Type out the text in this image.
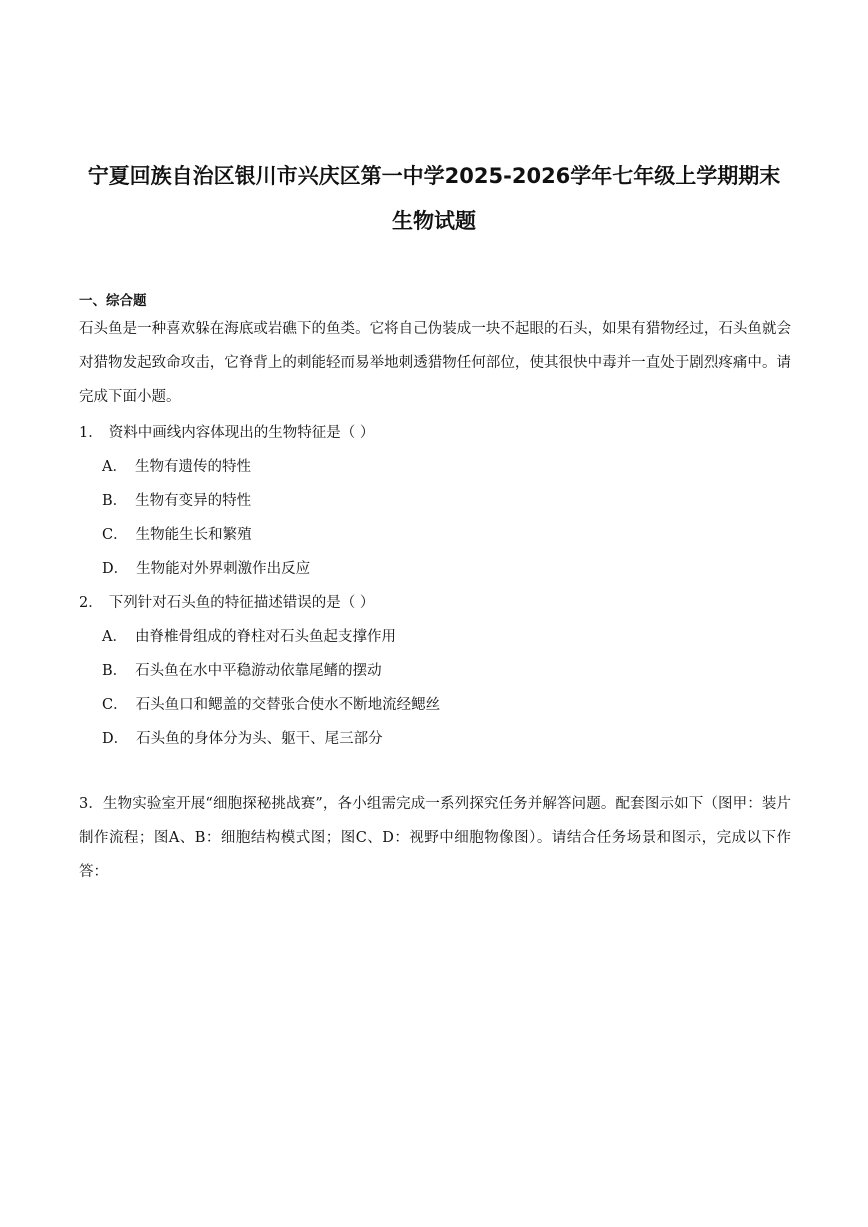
宁夏回族自治区银川市兴庆区第一中学2025-2026学年七年级上学期期末
生物试题
一、综合题
石头鱼是一种喜欢躲在海底或岩礁下的鱼类。它将自己伪装成一块不起眼的石头，如果有猎物经过，石头鱼就会对猎物发起致命攻击，它脊背上的刺能轻而易举地刺透猎物任何部位，使其很快中毒并一直处于剧烈疼痛中。请完成下面小题。
1． 资料中画线内容体现出的生物特征是（ ）
A． 生物有遗传的特性
B． 生物有变异的特性
C． 生物能生长和繁殖
D． 生物能对外界刺激作出反应
2． 下列针对石头鱼的特征描述错误的是（ ）
A． 由脊椎骨组成的脊柱对石头鱼起支撑作用
B． 石头鱼在水中平稳游动依靠尾鳍的摆动
C． 石头鱼口和鳃盖的交替张合使水不断地流经鳃丝
D． 石头鱼的身体分为头、躯干、尾三部分
3．生物实验室开展“细胞探秘挑战赛”，各小组需完成一系列探究任务并解答问题。配套图示如下（图甲：装片制作流程；图A、B：细胞结构模式图；图C、D：视野中细胞物像图）。请结合任务场景和图示，完成以下作答：
